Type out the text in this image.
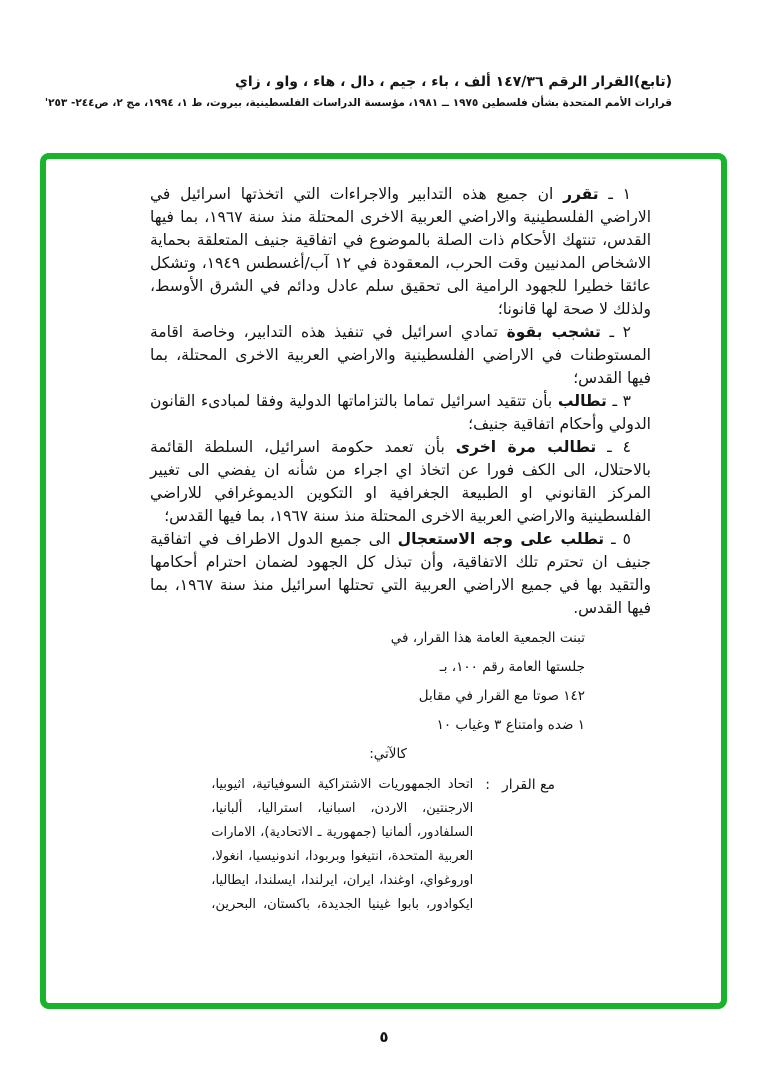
(تابع)القرار الرقم ١٤٧/٣٦ ألف ، باء ، جيم ، دال ، هاء ، واو ، زاي
قرارات الأمم المتحدة بشأن فلسطين ١٩٧٥ ــ ١٩٨١، مؤسسة الدراسات الفلسطينية، بيروت، ط ١، ١٩٩٤، مج ٢، ص٢٤٤- ٢٥٣'

١ ـ تقرر ان جميع هذه التدابير والاجراءات التي اتخذتها اسرائيل في الاراضي الفلسطينية والاراضي العربية الاخرى المحتلة منذ سنة ١٩٦٧، بما فيها القدس، تنتهك الأحكام ذات الصلة بالموضوع في اتفاقية جنيف المتعلقة بحماية الاشخاص المدنيين وقت الحرب، المعقودة في ١٢ آب/أغسطس ١٩٤٩، وتشكل عائقا خطيرا للجهود الرامية الى تحقيق سلم عادل ودائم في الشرق الأوسط، ولذلك لا صحة لها قانونا؛

٢ ـ تشجب بقوة تمادي اسرائيل في تنفيذ هذه التدابير، وخاصة اقامة المستوطنات في الاراضي الفلسطينية والاراضي العربية الاخرى المحتلة، بما فيها القدس؛

٣ ـ تطالب بأن تتقيد اسرائيل تماما بالتزاماتها الدولية وفقا لمبادىء القانون الدولي وأحكام اتفاقية جنيف؛

٤ ـ تطالب مرة اخرى بأن تعمد حكومة اسرائيل، السلطة القائمة بالاحتلال، الى الكف فورا عن اتخاذ اي اجراء من شأنه ان يفضي الى تغيير المركز القانوني او الطبيعة الجغرافية او التكوين الديموغرافي للاراضي الفلسطينية والاراضي العربية الاخرى المحتلة منذ سنة ١٩٦٧، بما فيها القدس؛

٥ ـ تطلب على وجه الاستعجال الى جميع الدول الاطراف في اتفاقية جنيف ان تحترم تلك الاتفاقية، وأن تبذل كل الجهود لضمان احترام أحكامها والتقيد بها في جميع الاراضي العربية التي تحتلها اسرائيل منذ سنة ١٩٦٧، بما فيها القدس.

تبنت الجمعية العامة هذا القرار، في
جلستها العامة رقم ١٠٠، بـ
١٤٢ صوتا مع القرار في مقابل
١ ضده وامتناع ٣ وغياب ١٠
كالآتي:
مع القرار
:
اتحاد الجمهوريات الاشتراكية السوفياتية، اثيوبيا، الارجنتين، الاردن، اسبانيا، استراليا، ألبانيا، السلفادور، ألمانيا (جمهورية ـ الاتحادية)، الامارات العربية المتحدة، انتيغوا وبربودا، اندونيسيا، انغولا، اوروغواي، اوغندا، ايران، ايرلندا، ايسلندا، ايطاليا، ايكوادور، بابوا غينيا الجديدة، باكستان، البحرين،
٥
